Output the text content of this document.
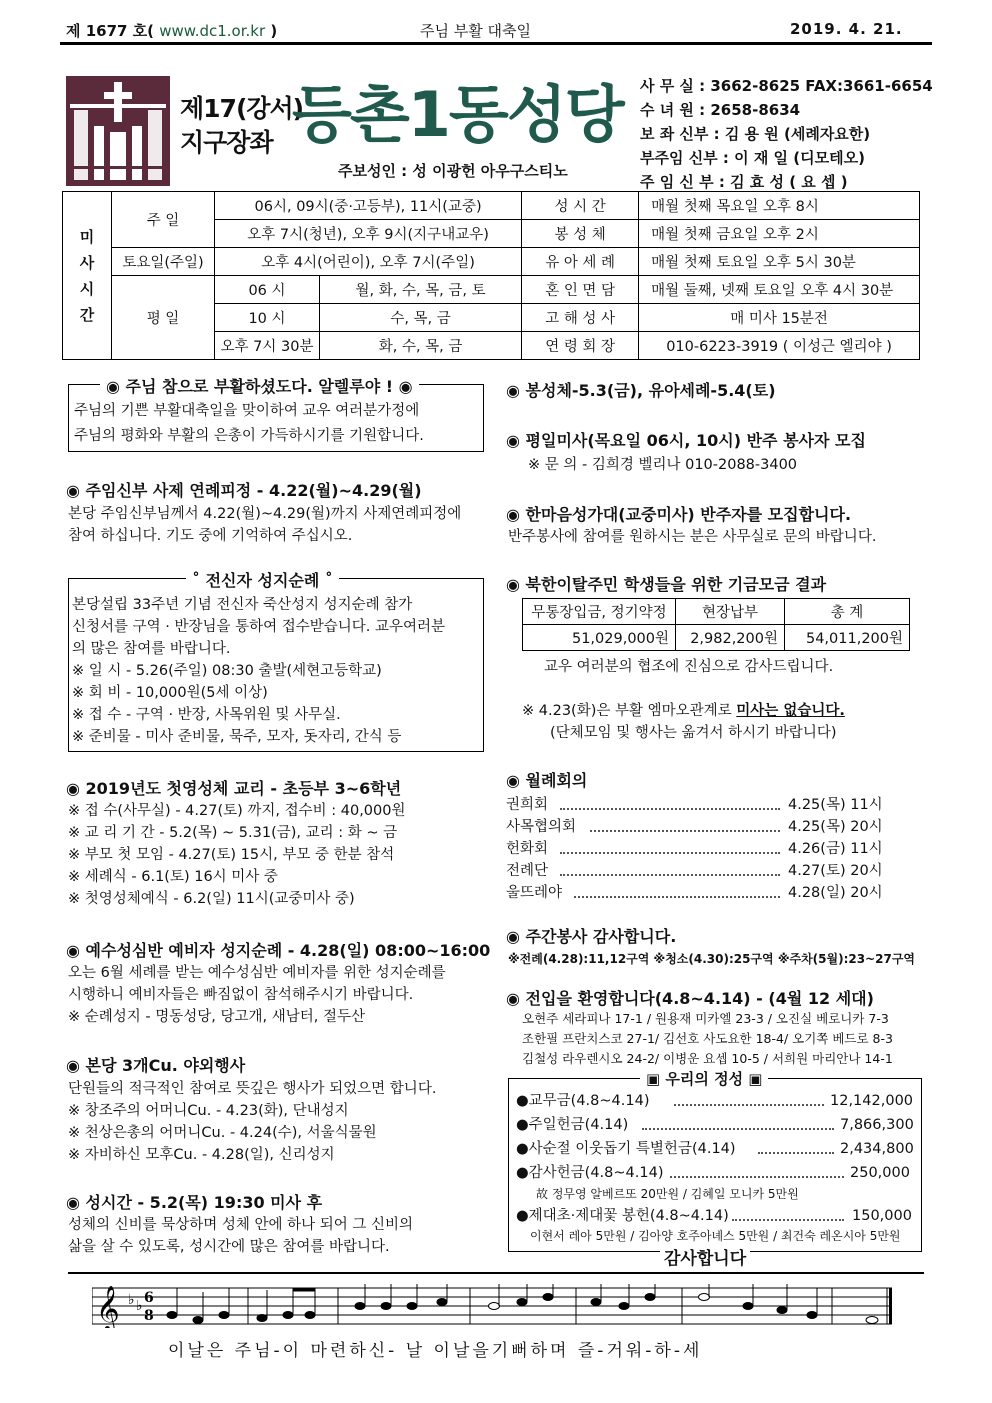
제 1677 호( www.dc1.or.kr )	주님 부활 대축일	2019. 4. 21.
제17(강서)
지구장좌 등촌1동성당
주보성인 : 성 이광헌 아우구스티노
사 무 실 : 3662-8625 FAX:3661-6654
수 녀 원 : 2658-8634
보 좌 신부 : 김 용 원 (세례자요한)
부주임 신부 : 이 재 일 (디모테오)
주 임 신 부 : 김 효 성 ( 요 셉 )
미
사
시
간	주 일	06시, 09시(중·고등부), 11시(교중)		성 시 간	매월 첫째 목요일 오후 8시
		오후 7시(청년), 오후 9시(지구내교우)		봉 성 체	매월 첫째 금요일 오후 2시
	토요일(주일)	오후 4시(어린이), 오후 7시(주일)		유 아 세 례	매월 첫째 토요일 오후 5시 30분
	평 일	06 시	월, 화, 수, 목, 금, 토	혼 인 면 담	매월 둘째, 넷째 토요일 오후 4시 30분
		10 시	수, 목, 금	고 해 성 사	매 미사 15분전
		오후 7시 30분	화, 수, 목, 금	연 령 회 장	010-6223-3919 ( 이성근 엘리야 )
◉ 주님 참으로 부활하셨도다. 알렐루야 ! ◉
주님의 기쁜 부활대축일을 맞이하여 교우 여러분가정에
주님의 평화와 부활의 은총이 가득하시기를 기원합니다.
◉ 주임신부 사제 연례피정 - 4.22(월)~4.29(월)
본당 주임신부님께서 4.22(월)~4.29(월)까지 사제연례피정에
참여 하십니다. 기도 중에 기억하여 주십시오.
˚ 전신자 성지순례 ˚
본당설립 33주년 기념 전신자 죽산성지 성지순례 참가
신청서를 구역 · 반장님을 통하여 접수받습니다. 교우여러분
의 많은 참여를 바랍니다.
※ 일 시 - 5.26(주일) 08:30 출발(세현고등학교)
※ 회 비 - 10,000원(5세 이상)
※ 접 수 - 구역 · 반장, 사목위원 및 사무실.
※ 준비물 - 미사 준비물, 묵주, 모자, 돗자리, 간식 등
◉ 2019년도 첫영성체 교리 - 초등부 3~6학년
※ 접 수(사무실) - 4.27(토) 까지, 접수비 : 40,000원
※ 교 리 기 간 - 5.2(목) ~ 5.31(금), 교리 : 화 ~ 금
※ 부모 첫 모임 - 4.27(토) 15시, 부모 중 한분 참석
※ 세례식 - 6.1(토) 16시 미사 중
※ 첫영성체예식 - 6.2(일) 11시(교중미사 중)
◉ 예수성심반 예비자 성지순례 - 4.28(일) 08:00~16:00
오는 6월 세례를 받는 예수성심반 예비자를 위한 성지순례를
시행하니 예비자들은 빠짐없이 참석해주시기 바랍니다.
※ 순례성지 - 명동성당, 당고개, 새남터, 절두산
◉ 본당 3개Cu. 야외행사
단원들의 적극적인 참여로 뜻깊은 행사가 되었으면 합니다.
※ 창조주의 어머니Cu. - 4.23(화), 단내성지
※ 천상은총의 어머니Cu. - 4.24(수), 서울식물원
※ 자비하신 모후Cu. - 4.28(일), 신리성지
◉ 성시간 - 5.2(목) 19:30 미사 후
성체의 신비를 묵상하며 성체 안에 하나 되어 그 신비의
삶을 살 수 있도록, 성시간에 많은 참여를 바랍니다.
◉ 봉성체-5.3(금), 유아세례-5.4(토)
◉ 평일미사(목요일 06시, 10시) 반주 봉사자 모집
※ 문 의 - 김희경 벨리나 010-2088-3400
◉ 한마음성가대(교중미사) 반주자를 모집합니다.
반주봉사에 참여를 원하시는 분은 사무실로 문의 바랍니다.
◉ 북한이탈주민 학생들을 위한 기금모금 결과
무통장입금, 정기약정	현장납부	총 계
51,029,000원	2,982,200원	54,011,200원
교우 여러분의 협조에 진심으로 감사드립니다.
※ 4.23(화)은 부활 엠마오관계로 미사는 없습니다.
(단체모임 및 행사는 옮겨서 하시기 바랍니다)
◉ 월례회의
권희회	4.25(목) 11시
사목협의회	4.25(목) 20시
헌화회	4.26(금) 11시
전례단	4.27(토) 20시
울뜨레야	4.28(일) 20시
◉ 주간봉사 감사합니다.
※전례(4.28):11,12구역 ※청소(4.30):25구역 ※주차(5월):23~27구역
◉ 전입을 환영합니다(4.8~4.14) - (4월 12 세대)
오현주 세라피나 17-1 / 원용재 미카엘 23-3 / 오진실 베로니카 7-3
조한필 프란치스코 27-1/ 김선호 사도요한 18-4/ 오기쪽 베드로 8-3
김철성 라우렌시오 24-2/ 이병운 요셉 10-5 / 서희원 마리안나 14-1
▣ 우리의 정성 ▣
●교무금(4.8~4.14)	12,142,000
●주일헌금(4.14)	7,866,300
●사순절 이웃돕기 특별헌금(4.14)	2,434,800
●감사헌금(4.8~4.14)	250,000
故 정무영 알베르또 20만원 / 김혜일 모니카 5만원
●제대초·제대꽃 봉헌(4.8~4.14)	150,000
이현서 레아 5만원 / 김아양 호주아녜스 5만원 / 최건숙 레온시아 5만원
감사합니다
𝄞 ♭ ♭ 6
8
이날은 주님-이 마련하신- 날 이날을기뻐하며 즐-거워-하-세
